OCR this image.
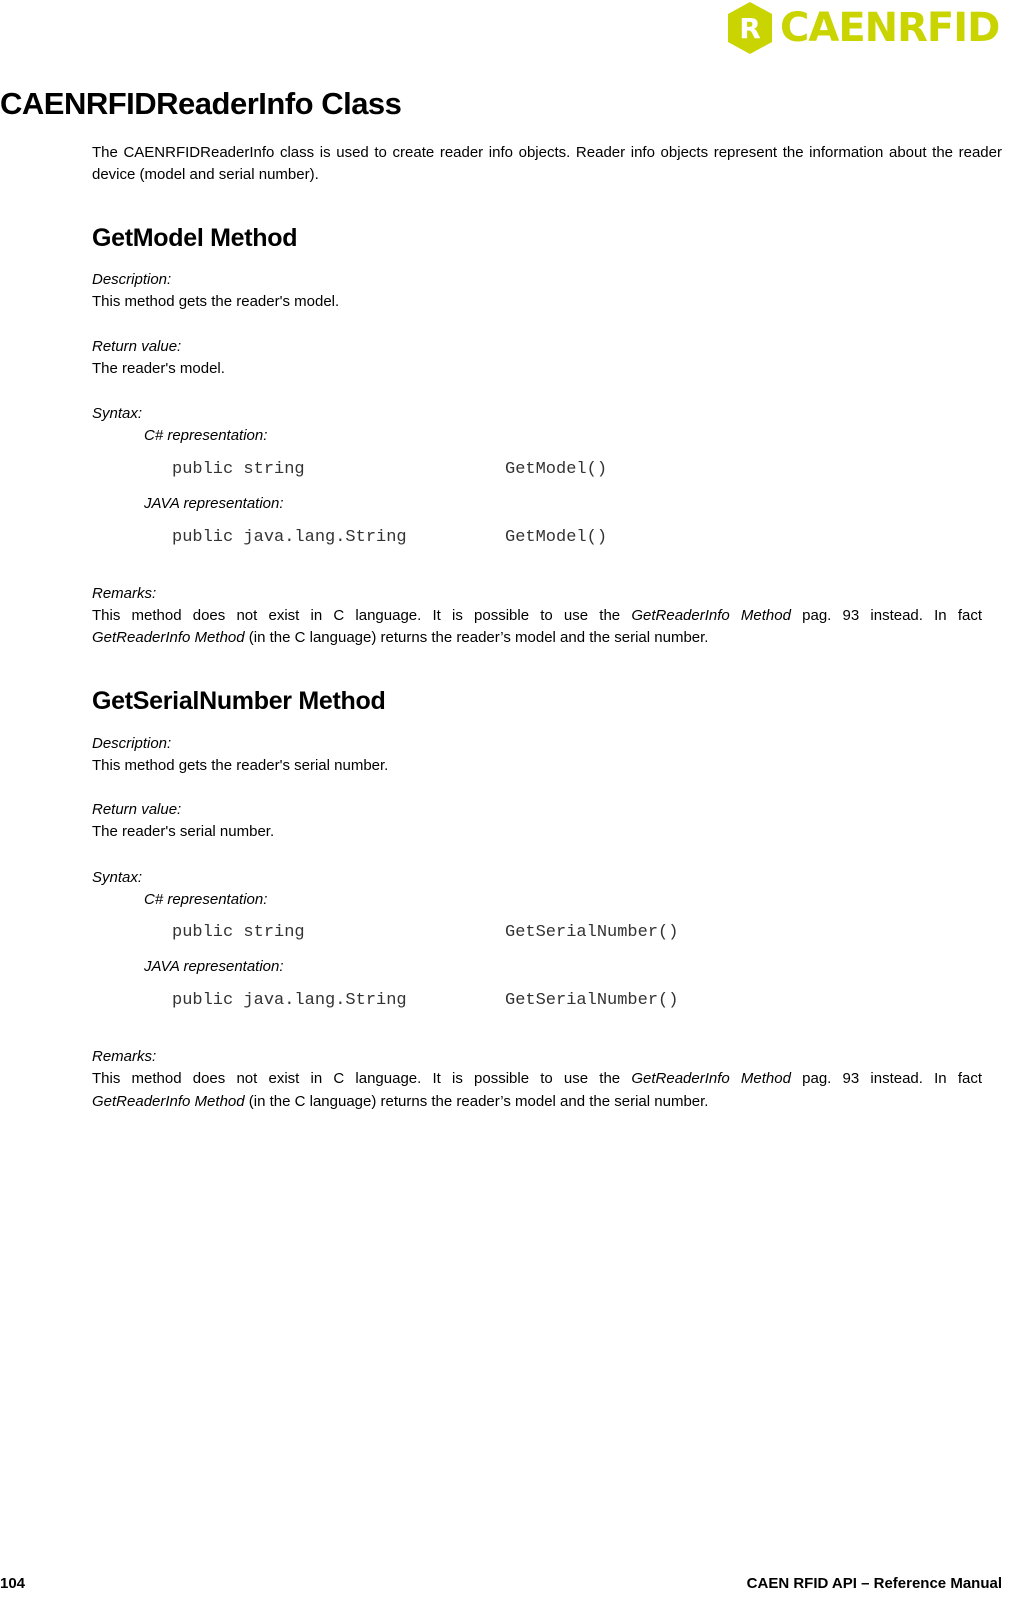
R CAENRFID
CAENRFIDReaderInfo Class
The CAENRFIDReaderInfo class is used to create reader info objects. Reader info objects represent the information about the reader device (model and serial number).
GetModel Method
Description:
This method gets the reader's model.
Return value:
The reader's model.
Syntax:
C# representation:
public string	GetModel()
JAVA representation:
public java.lang.String	GetModel()
Remarks:
This method does not exist in C language. It is possible to use the GetReaderInfo Method pag. 93 instead. In fact
GetReaderInfo Method (in the C language) returns the reader’s model and the serial number.
GetSerialNumber Method
Description:
This method gets the reader's serial number.
Return value:
The reader's serial number.
Syntax:
C# representation:
public string	GetSerialNumber()
JAVA representation:
public java.lang.String	GetSerialNumber()
Remarks:
This method does not exist in C language. It is possible to use the GetReaderInfo Method pag. 93 instead. In fact
GetReaderInfo Method (in the C language) returns the reader’s model and the serial number.
104	CAEN RFID API – Reference Manual
